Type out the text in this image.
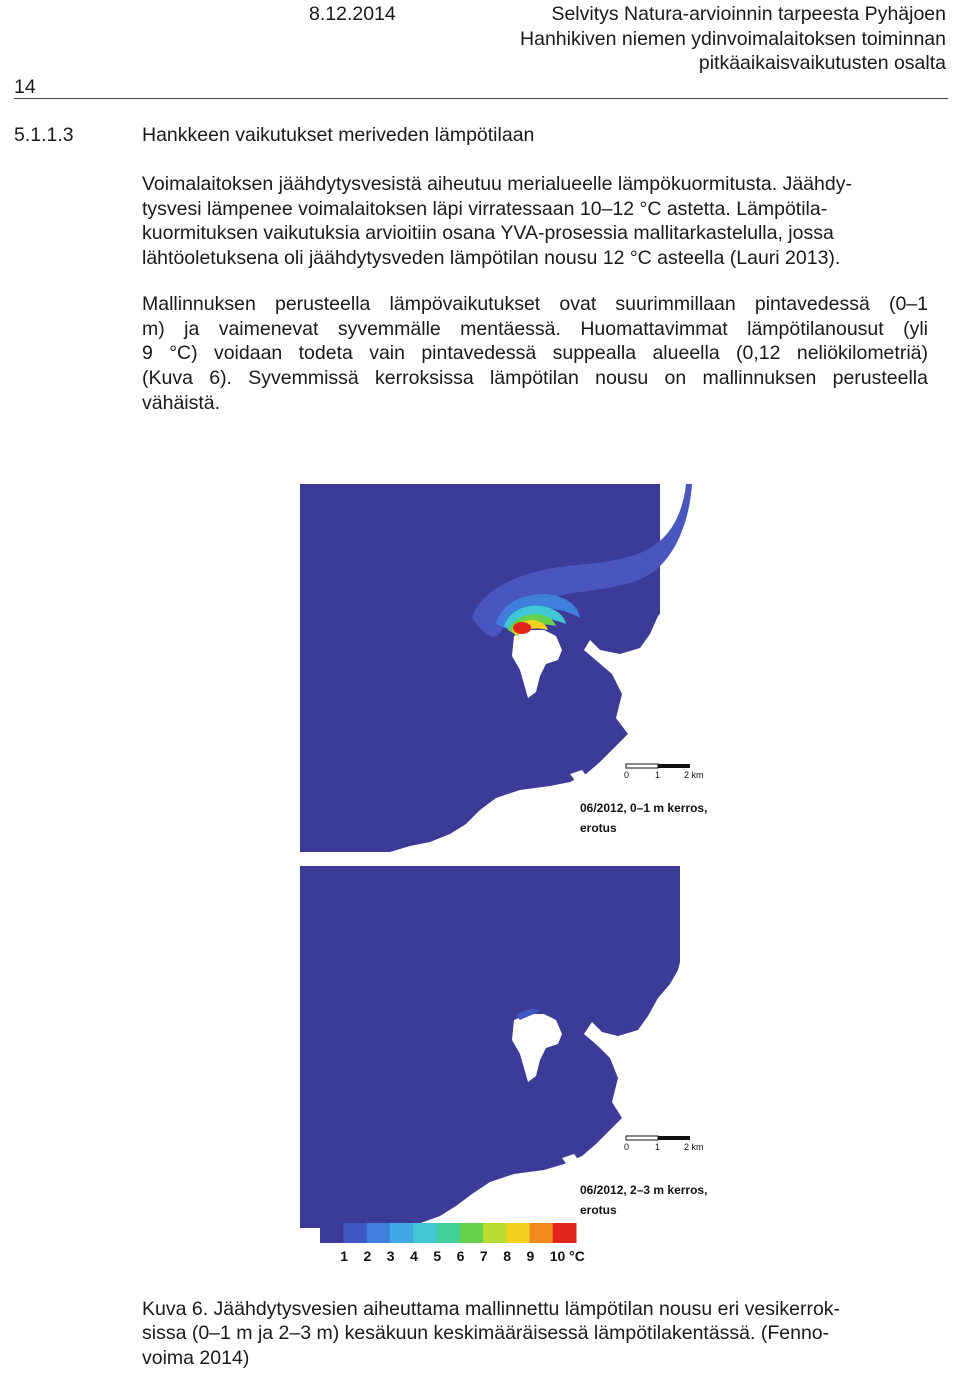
14
8.12.2014	Selvitys Natura-arvioinnin tarpeesta Pyhäjoen
Hanhikiven niemen ydinvoimalaitoksen toiminnan
pitkäaikaisvaikutusten osalta
5.1.1.3	Hankkeen vaikutukset meriveden lämpötilaan
Voimalaitoksen jäähdytysvesistä aiheutuu merialueelle lämpökuormitusta. Jäähdy-
tysvesi lämpenee voimalaitoksen läpi virratessaan 10–12 °C astetta. Lämpötila-
kuormituksen vaikutuksia arvioitiin osana YVA-prosessia mallitarkastelulla, jossa
lähtöoletuksena oli jäähdytysveden lämpötilan nousu 12 °C asteella (Lauri 2013).
Mallinnuksen perusteella lämpövaikutukset ovat suurimmillaan pintavedessä (0–1
m) ja vaimenevat syvemmälle mentäessä. Huomattavimmat lämpötilanousut (yli
9 °C) voidaan todeta vain pintavedessä suppealla alueella (0,12 neliökilometriä)
(Kuva 6). Syvemmissä kerroksissa lämpötilan nousu on mallinnuksen perusteella
vähäistä.
0	1	2 km
06/2012, 0–1 m kerros,
erotus
0	1	2 km
06/2012, 2–3 m kerros,
erotus
1 2 3 4 5 6 7 8 9 10 °C
Kuva 6. Jäähdytysvesien aiheuttama mallinnettu lämpötilan nousu eri vesikerrok-
sissa (0–1 m ja 2–3 m) kesäkuun keskimääräisessä lämpötilakentässä. (Fenno-
voima 2014)
